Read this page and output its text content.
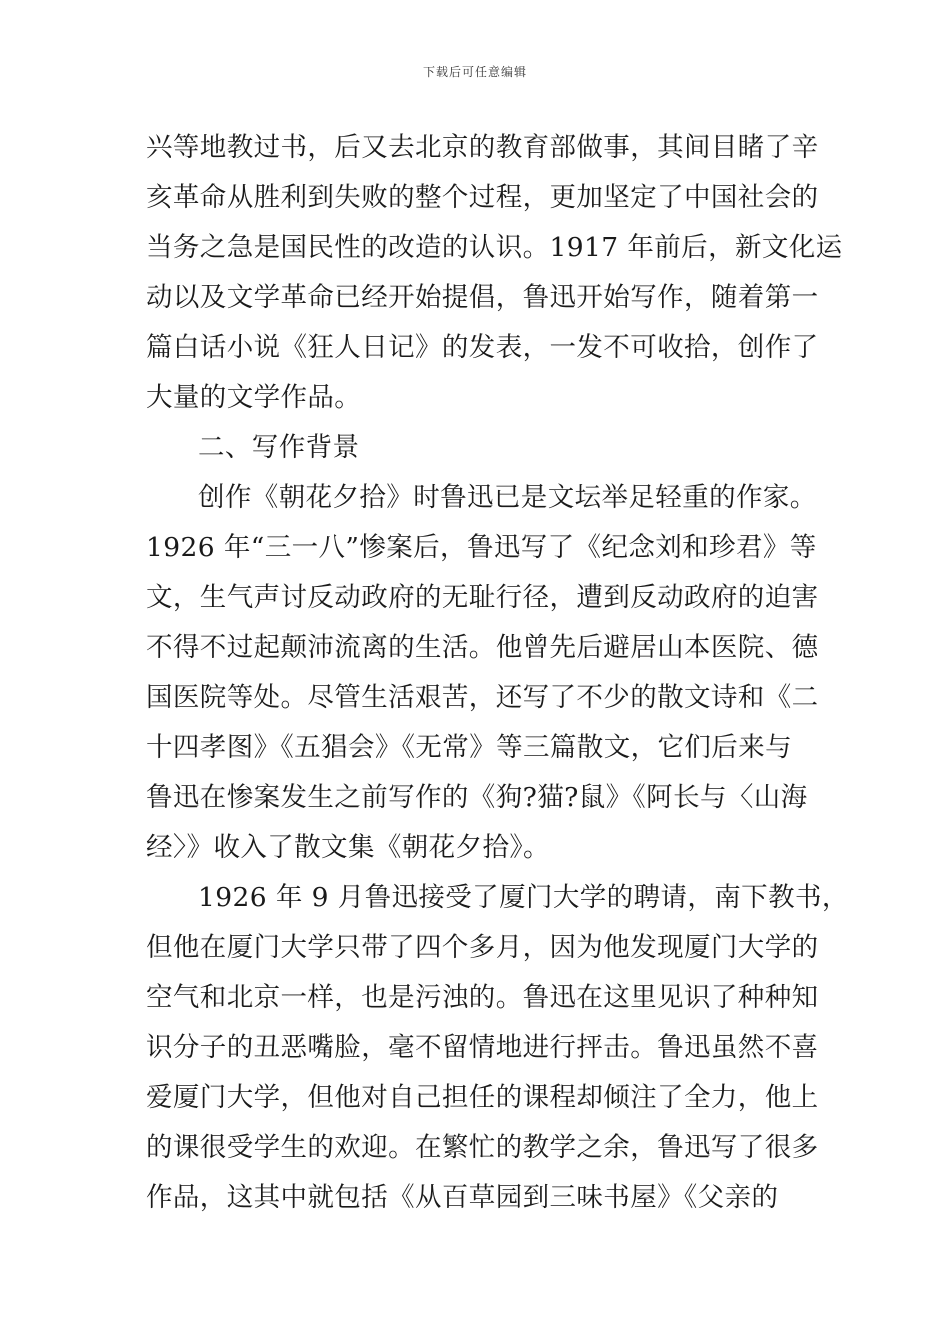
下载后可任意编辑
兴等地教过书，后又去北京的教育部做事，其间目睹了辛
亥革命从胜利到失败的整个过程，更加坚定了中国社会的
当务之急是国民性的改造的认识。1917 年前后，新文化运
动以及文学革命已经开始提倡，鲁迅开始写作，随着第一
篇白话小说《狂人日记》的发表，一发不可收拾，创作了
大量的文学作品。
二、写作背景
创作《朝花夕拾》时鲁迅已是文坛举足轻重的作家。
1926 年“三一八”惨案后，鲁迅写了《纪念刘和珍君》等
文，生气声讨反动政府的无耻行径，遭到反动政府的迫害
不得不过起颠沛流离的生活。他曾先后避居山本医院、德
国医院等处。尽管生活艰苦，还写了不少的散文诗和《二
十四孝图》《五猖会》《无常》等三篇散文，它们后来与
鲁迅在惨案发生之前写作的《狗?猫?鼠》《阿长与〈山海
经〉》收入了散文集《朝花夕拾》。
1926 年 9 月鲁迅接受了厦门大学的聘请，南下教书，
但他在厦门大学只带了四个多月，因为他发现厦门大学的
空气和北京一样，也是污浊的。鲁迅在这里见识了种种知
识分子的丑恶嘴脸，毫不留情地进行抨击。鲁迅虽然不喜
爱厦门大学，但他对自己担任的课程却倾注了全力，他上
的课很受学生的欢迎。在繁忙的教学之余，鲁迅写了很多
作品，这其中就包括《从百草园到三味书屋》《父亲的
